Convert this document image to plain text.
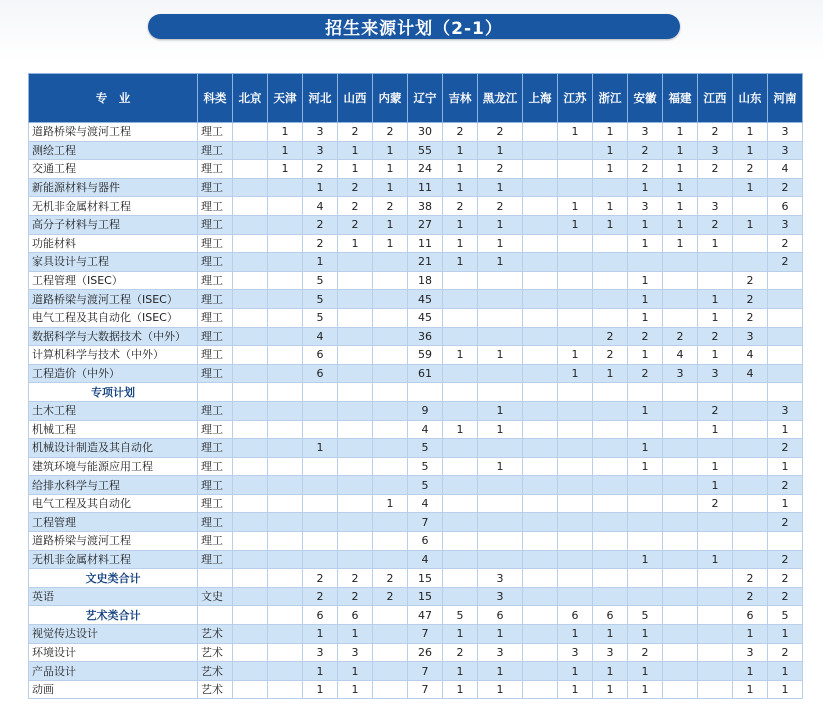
招生来源计划（2-1）
专　业	科类	北京	天津	河北	山西	内蒙	辽宁	吉林	黑龙江	上海	江苏	浙江	安徽	福建	江西	山东	河南
道路桥梁与渡河工程	理工		1	3	2	2	30	2	2		1	1	3	1	2	1	3
测绘工程	理工		1	3	1	1	55	1	1			1	2	1	3	1	3
交通工程	理工		1	2	1	1	24	1	2			1	2	1	2	2	4
新能源材料与器件	理工			1	2	1	11	1	1				1	1		1	2
无机非金属材料工程	理工			4	2	2	38	2	2		1	1	3	1	3		6
高分子材料与工程	理工			2	2	1	27	1	1		1	1	1	1	2	1	3
功能材料	理工			2	1	1	11	1	1				1	1	1		2
家具设计与工程	理工			1			21	1	1								2
工程管理（ISEC）	理工			5			18						1			2	
道路桥梁与渡河工程（ISEC）	理工			5			45						1		1	2	
电气工程及其自动化（ISEC）	理工			5			45						1		1	2	
数据科学与大数据技术（中外）	理工			4			36					2	2	2	2	3	
计算机科学与技术（中外）	理工			6			59	1	1		1	2	1	4	1	4	
工程造价（中外）	理工			6			61				1	1	2	3	3	4	
专项计划																	
土木工程	理工						9		1				1		2		3
机械工程	理工						4	1	1						1		1
机械设计制造及其自动化	理工			1			5						1				2
建筑环境与能源应用工程	理工						5		1				1		1		1
给排水科学与工程	理工						5								1		2
电气工程及其自动化	理工					1	4								2		1
工程管理	理工						7										2
道路桥梁与渡河工程	理工						6										
无机非金属材料工程	理工						4						1		1		2
文史类合计				2	2	2	15		3							2	2
英语	文史			2	2	2	15		3							2	2
艺术类合计				6	6		47	5	6		6	6	5			6	5
视觉传达设计	艺术			1	1		7	1	1		1	1	1			1	1
环境设计	艺术			3	3		26	2	3		3	3	2			3	2
产品设计	艺术			1	1		7	1	1		1	1	1			1	1
动画	艺术			1	1		7	1	1		1	1	1			1	1
